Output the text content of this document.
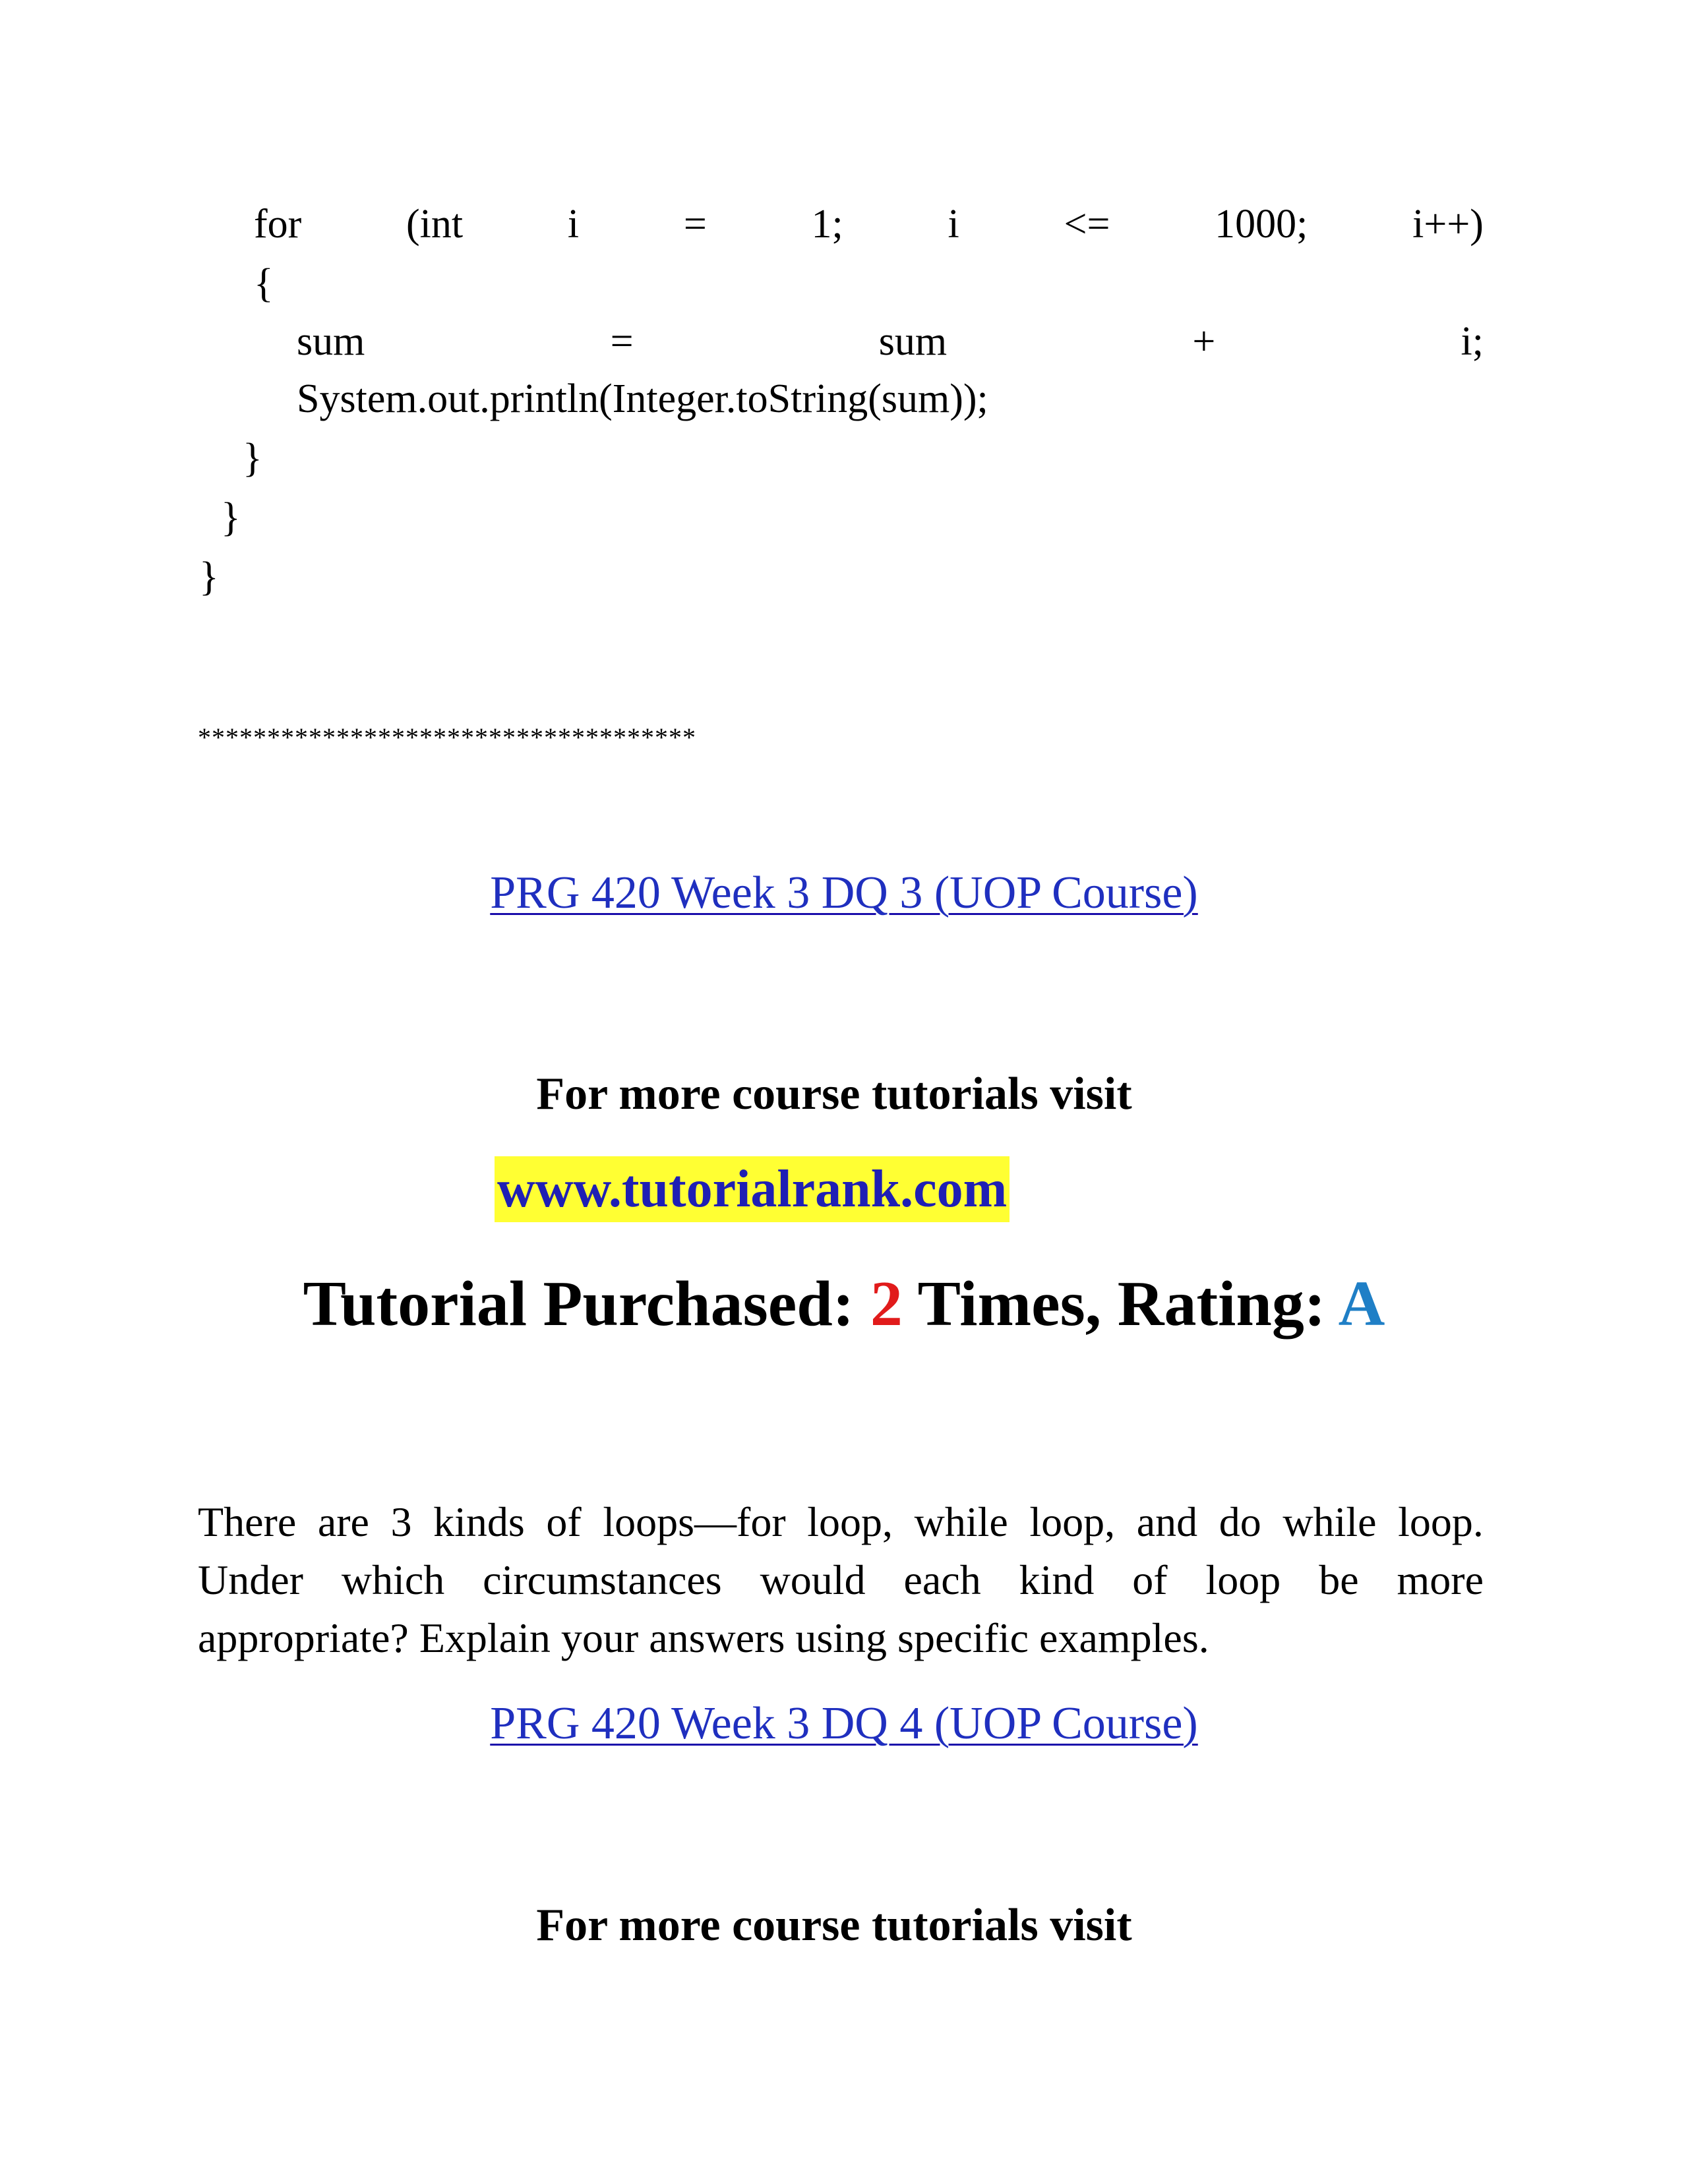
for	(int	i	=	1;	i	<=	1000;	i++)
{
sum	=	sum	+	i;
System.out.println(Integer.toString(sum));
}
}
}
************************************
PRG 420 Week 3 DQ 3 (UOP Course)
For more course tutorials visit
www.tutorialrank.com
Tutorial Purchased: 2 Times, Rating: A
There are 3 kinds of loops—for loop, while loop, and do while loop.
Under which circumstances would each kind of loop be more
appropriate? Explain your answers using specific examples.
PRG 420 Week 3 DQ 4 (UOP Course)
For more course tutorials visit
